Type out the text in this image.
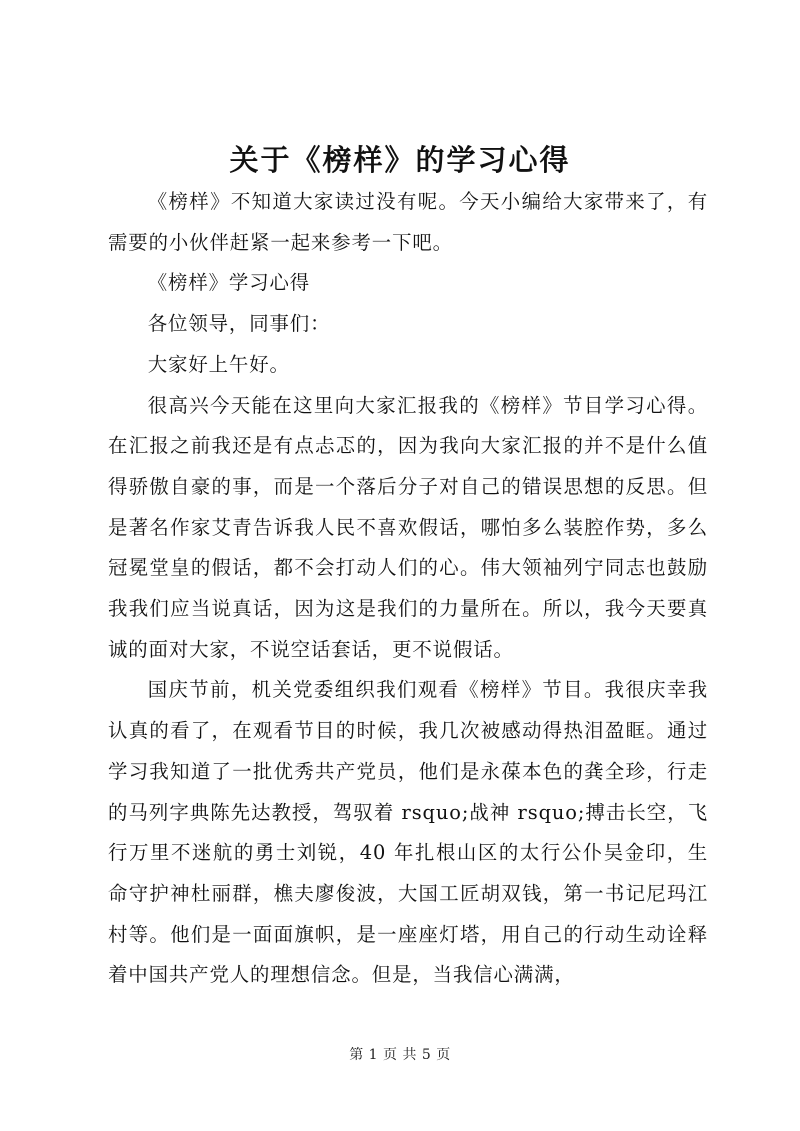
关于《榜样》的学习心得

《榜样》不知道大家读过没有呢。今天小编给大家带来了，有需要的小伙伴赶紧一起来参考一下吧。

《榜样》学习心得

各位领导，同事们：

大家好上午好。

很高兴今天能在这里向大家汇报我的《榜样》节目学习心得。在汇报之前我还是有点忐忑的，因为我向大家汇报的并不是什么值得骄傲自豪的事，而是一个落后分子对自己的错误思想的反思。但是著名作家艾青告诉我人民不喜欢假话，哪怕多么装腔作势，多么冠冕堂皇的假话，都不会打动人们的心。伟大领袖列宁同志也鼓励我我们应当说真话，因为这是我们的力量所在。所以，我今天要真诚的面对大家，不说空话套话，更不说假话。

国庆节前，机关党委组织我们观看《榜样》节目。我很庆幸我认真的看了，在观看节目的时候，我几次被感动得热泪盈眶。通过学习我知道了一批优秀共产党员，他们是永葆本色的龚全珍，行走的马列字典陈先达教授，驾驭着 rsquo;战神 rsquo;搏击长空，飞行万里不迷航的勇士刘锐，40 年扎根山区的太行公仆吴金印，生命守护神杜丽群，樵夫廖俊波，大国工匠胡双钱，第一书记尼玛江村等。他们是一面面旗帜，是一座座灯塔，用自己的行动生动诠释着中国共产党人的理想信念。但是，当我信心满满，

第 1 页 共 5 页
